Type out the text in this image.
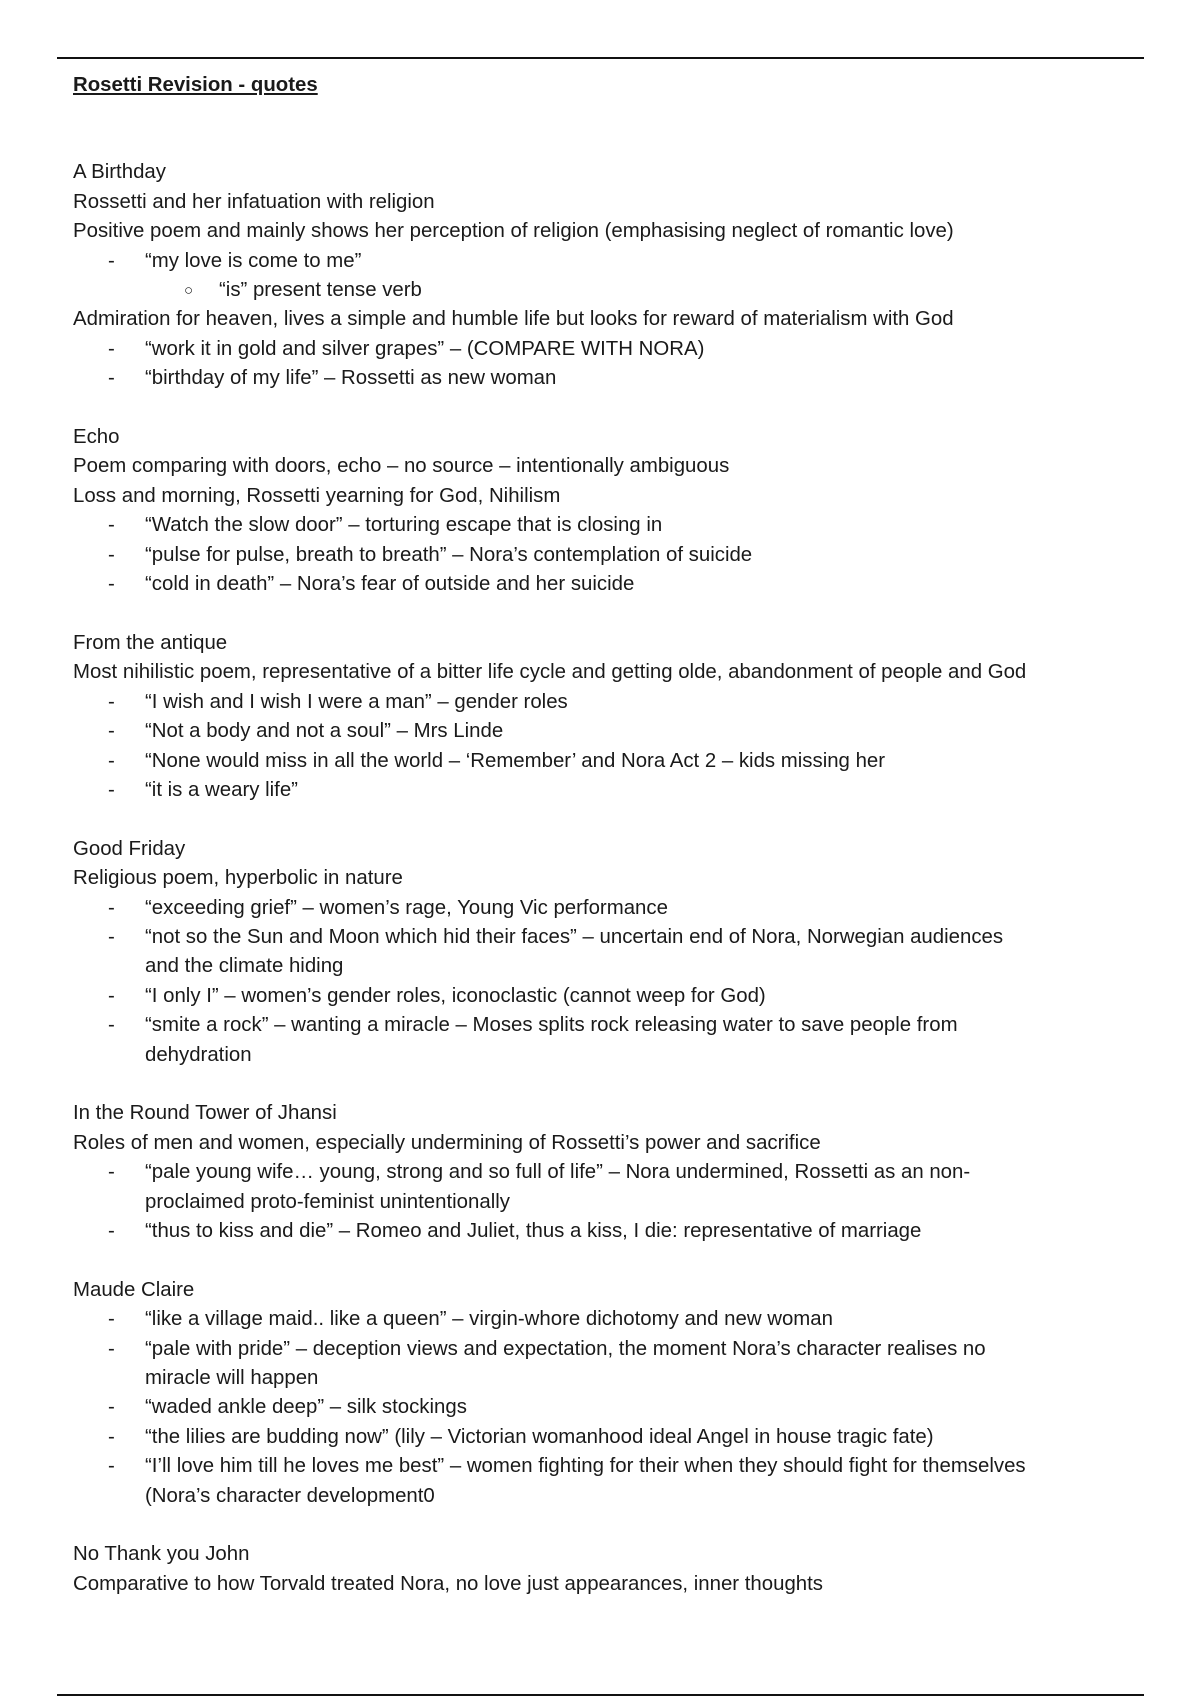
Rosetti Revision - quotes

A Birthday

Rossetti and her infatuation with religion

Positive poem and mainly shows her perception of religion (emphasising neglect of romantic love)

- “my love is come to me”
○ “is” present tense verb

Admiration for heaven, lives a simple and humble life but looks for reward of materialism with God

- “work it in gold and silver grapes” – (COMPARE WITH NORA)
- “birthday of my life” – Rossetti as new woman

Echo

Poem comparing with doors, echo – no source – intentionally ambiguous

Loss and morning, Rossetti yearning for God, Nihilism

- “Watch the slow door” – torturing escape that is closing in
- “pulse for pulse, breath to breath” – Nora’s contemplation of suicide
- “cold in death” – Nora’s fear of outside and her suicide

From the antique

Most nihilistic poem, representative of a bitter life cycle and getting olde, abandonment of people and God

- “I wish and I wish I were a man” – gender roles
- “Not a body and not a soul” – Mrs Linde
- “None would miss in all the world – ‘Remember’ and Nora Act 2 – kids missing her
- “it is a weary life”

Good Friday

Religious poem, hyperbolic in nature

- “exceeding grief” – women’s rage, Young Vic performance
- “not so the Sun and Moon which hid their faces” – uncertain end of Nora, Norwegian audiences
and the climate hiding
- “I only I” – women’s gender roles, iconoclastic (cannot weep for God)
- “smite a rock” – wanting a miracle – Moses splits rock releasing water to save people from
dehydration

In the Round Tower of Jhansi

Roles of men and women, especially undermining of Rossetti’s power and sacrifice

- “pale young wife… young, strong and so full of life” – Nora undermined, Rossetti as an non-
proclaimed proto-feminist unintentionally
- “thus to kiss and die” – Romeo and Juliet, thus a kiss, I die: representative of marriage

Maude Claire

- “like a village maid.. like a queen” – virgin-whore dichotomy and new woman
- “pale with pride” – deception views and expectation, the moment Nora’s character realises no
miracle will happen
- “waded ankle deep” – silk stockings
- “the lilies are budding now” (lily – Victorian womanhood ideal Angel in house tragic fate)
- “I’ll love him till he loves me best” – women fighting for their when they should fight for themselves
(Nora’s character development0

No Thank you John

Comparative to how Torvald treated Nora, no love just appearances, inner thoughts
